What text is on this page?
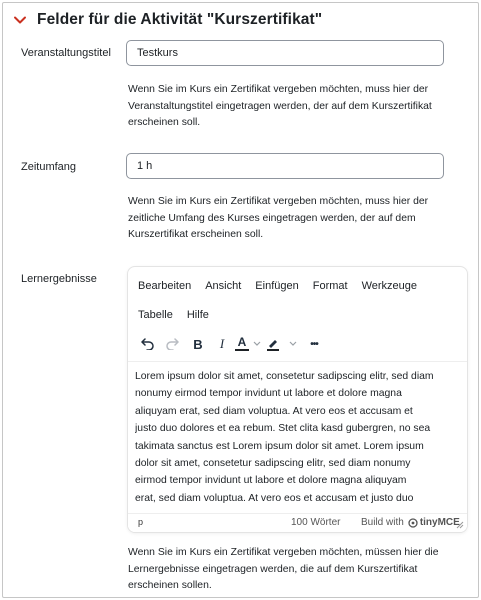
Felder für die Aktivität "Kurszertifikat"
Veranstaltungstitel	Testkurs
Wenn Sie im Kurs ein Zertifikat vergeben möchten, muss hier der
Veranstaltungstitel eingetragen werden, der auf dem Kurszertifikat
erscheinen soll.
Zeitumfang	1 h
Wenn Sie im Kurs ein Zertifikat vergeben möchten, muss hier der
zeitliche Umfang des Kurses eingetragen werden, der auf dem
Kurszertifikat erscheinen soll.
Lernergebnisse
Bearbeiten Ansicht Einfügen Format Werkzeuge
Tabelle Hilfe
B	I	A	•••
Lorem ipsum dolor sit amet, consetetur sadipscing elitr, sed diam
nonumy eirmod tempor invidunt ut labore et dolore magna
aliquyam erat, sed diam voluptua. At vero eos et accusam et
justo duo dolores et ea rebum. Stet clita kasd gubergren, no sea
takimata sanctus est Lorem ipsum dolor sit amet. Lorem ipsum
dolor sit amet, consetetur sadipscing elitr, sed diam nonumy
eirmod tempor invidunt ut labore et dolore magna aliquyam
erat, sed diam voluptua. At vero eos et accusam et justo duo
p	100 Wörter Build with tinyMCE
Wenn Sie im Kurs ein Zertifikat vergeben möchten, müssen hier die
Lernergebnisse eingetragen werden, die auf dem Kurszertifikat
erscheinen sollen.
